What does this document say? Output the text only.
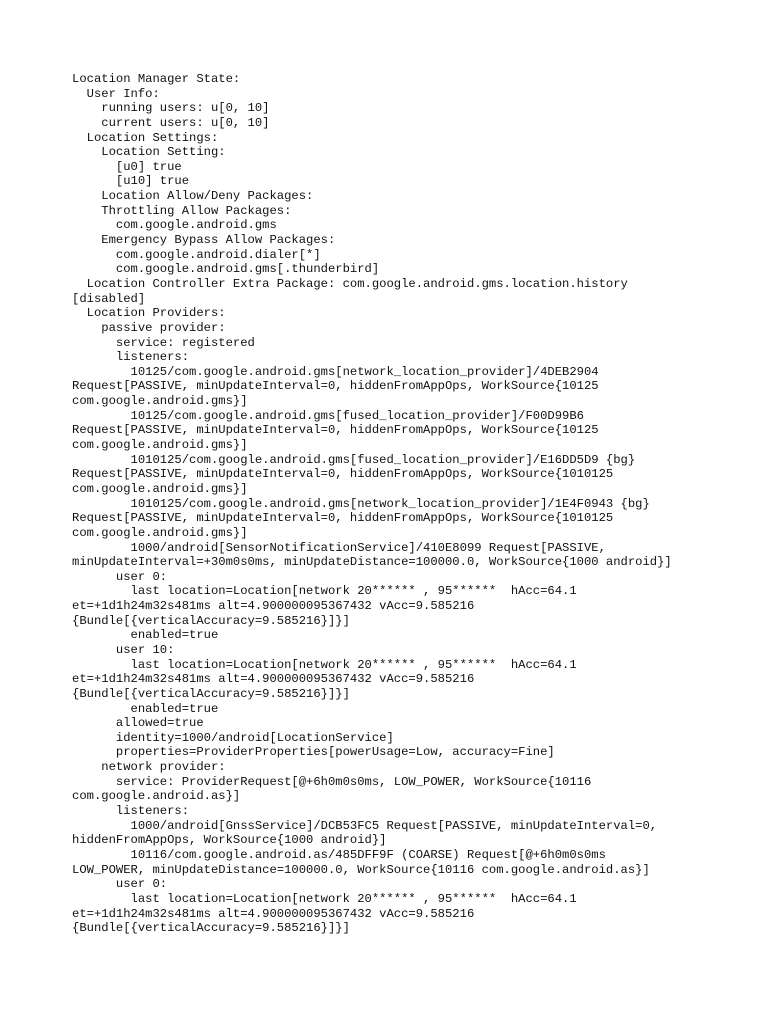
Location Manager State:
User Info:
running users: u[0, 10]
current users: u[0, 10]
Location Settings:
Location Setting:
[u0] true
[u10] true
Location Allow/Deny Packages:
Throttling Allow Packages:
com.google.android.gms
Emergency Bypass Allow Packages:
com.google.android.dialer[*]
com.google.android.gms[.thunderbird]
Location Controller Extra Package: com.google.android.gms.location.history
[disabled]
Location Providers:
passive provider:
service: registered
listeners:
10125/com.google.android.gms[network_location_provider]/4DEB2904
Request[PASSIVE, minUpdateInterval=0, hiddenFromAppOps, WorkSource{10125
com.google.android.gms}]
10125/com.google.android.gms[fused_location_provider]/F00D99B6
Request[PASSIVE, minUpdateInterval=0, hiddenFromAppOps, WorkSource{10125
com.google.android.gms}]
1010125/com.google.android.gms[fused_location_provider]/E16DD5D9 {bg}
Request[PASSIVE, minUpdateInterval=0, hiddenFromAppOps, WorkSource{1010125
com.google.android.gms}]
1010125/com.google.android.gms[network_location_provider]/1E4F0943 {bg}
Request[PASSIVE, minUpdateInterval=0, hiddenFromAppOps, WorkSource{1010125
com.google.android.gms}]
1000/android[SensorNotificationService]/410E8099 Request[PASSIVE,
minUpdateInterval=+30m0s0ms, minUpdateDistance=100000.0, WorkSource{1000 android}]
user 0:
last location=Location[network 20****** , 95******  hAcc=64.1
et=+1d1h24m32s481ms alt=4.900000095367432 vAcc=9.585216
{Bundle[{verticalAccuracy=9.585216}]}]
enabled=true
user 10:
last location=Location[network 20****** , 95******  hAcc=64.1
et=+1d1h24m32s481ms alt=4.900000095367432 vAcc=9.585216
{Bundle[{verticalAccuracy=9.585216}]}]
enabled=true
allowed=true
identity=1000/android[LocationService]
properties=ProviderProperties[powerUsage=Low, accuracy=Fine]
network provider:
service: ProviderRequest[@+6h0m0s0ms, LOW_POWER, WorkSource{10116
com.google.android.as}]
listeners:
1000/android[GnssService]/DCB53FC5 Request[PASSIVE, minUpdateInterval=0,
hiddenFromAppOps, WorkSource{1000 android}]
10116/com.google.android.as/485DFF9F (COARSE) Request[@+6h0m0s0ms
LOW_POWER, minUpdateDistance=100000.0, WorkSource{10116 com.google.android.as}]
user 0:
last location=Location[network 20****** , 95******  hAcc=64.1
et=+1d1h24m32s481ms alt=4.900000095367432 vAcc=9.585216
{Bundle[{verticalAccuracy=9.585216}]}]
